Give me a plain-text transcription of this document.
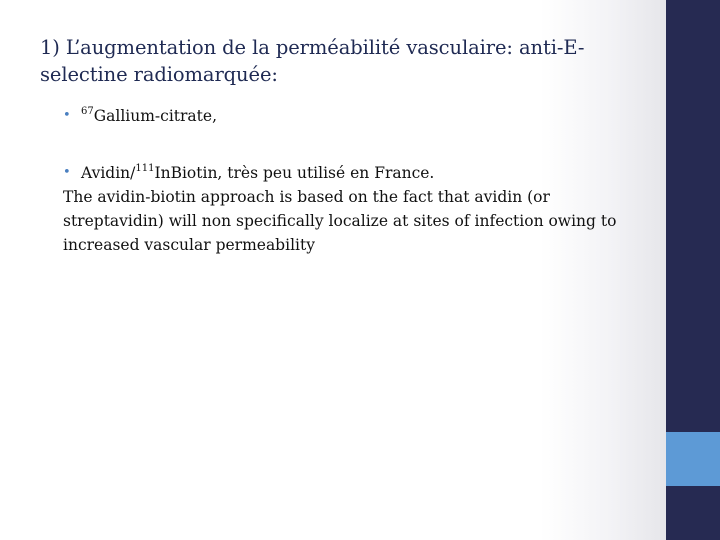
1) L’augmentation de la perméabilité vasculaire: anti-E-selectine radiomarquée:

• $^{67}$Gallium-citrate,

• Avidin/$^{111}$InBiotin, très peu utilisé en France.

The avidin-biotin approach is based on the fact that avidin (or streptavidin) will non specifically localize at sites of infection owing to increased vascular permeability
